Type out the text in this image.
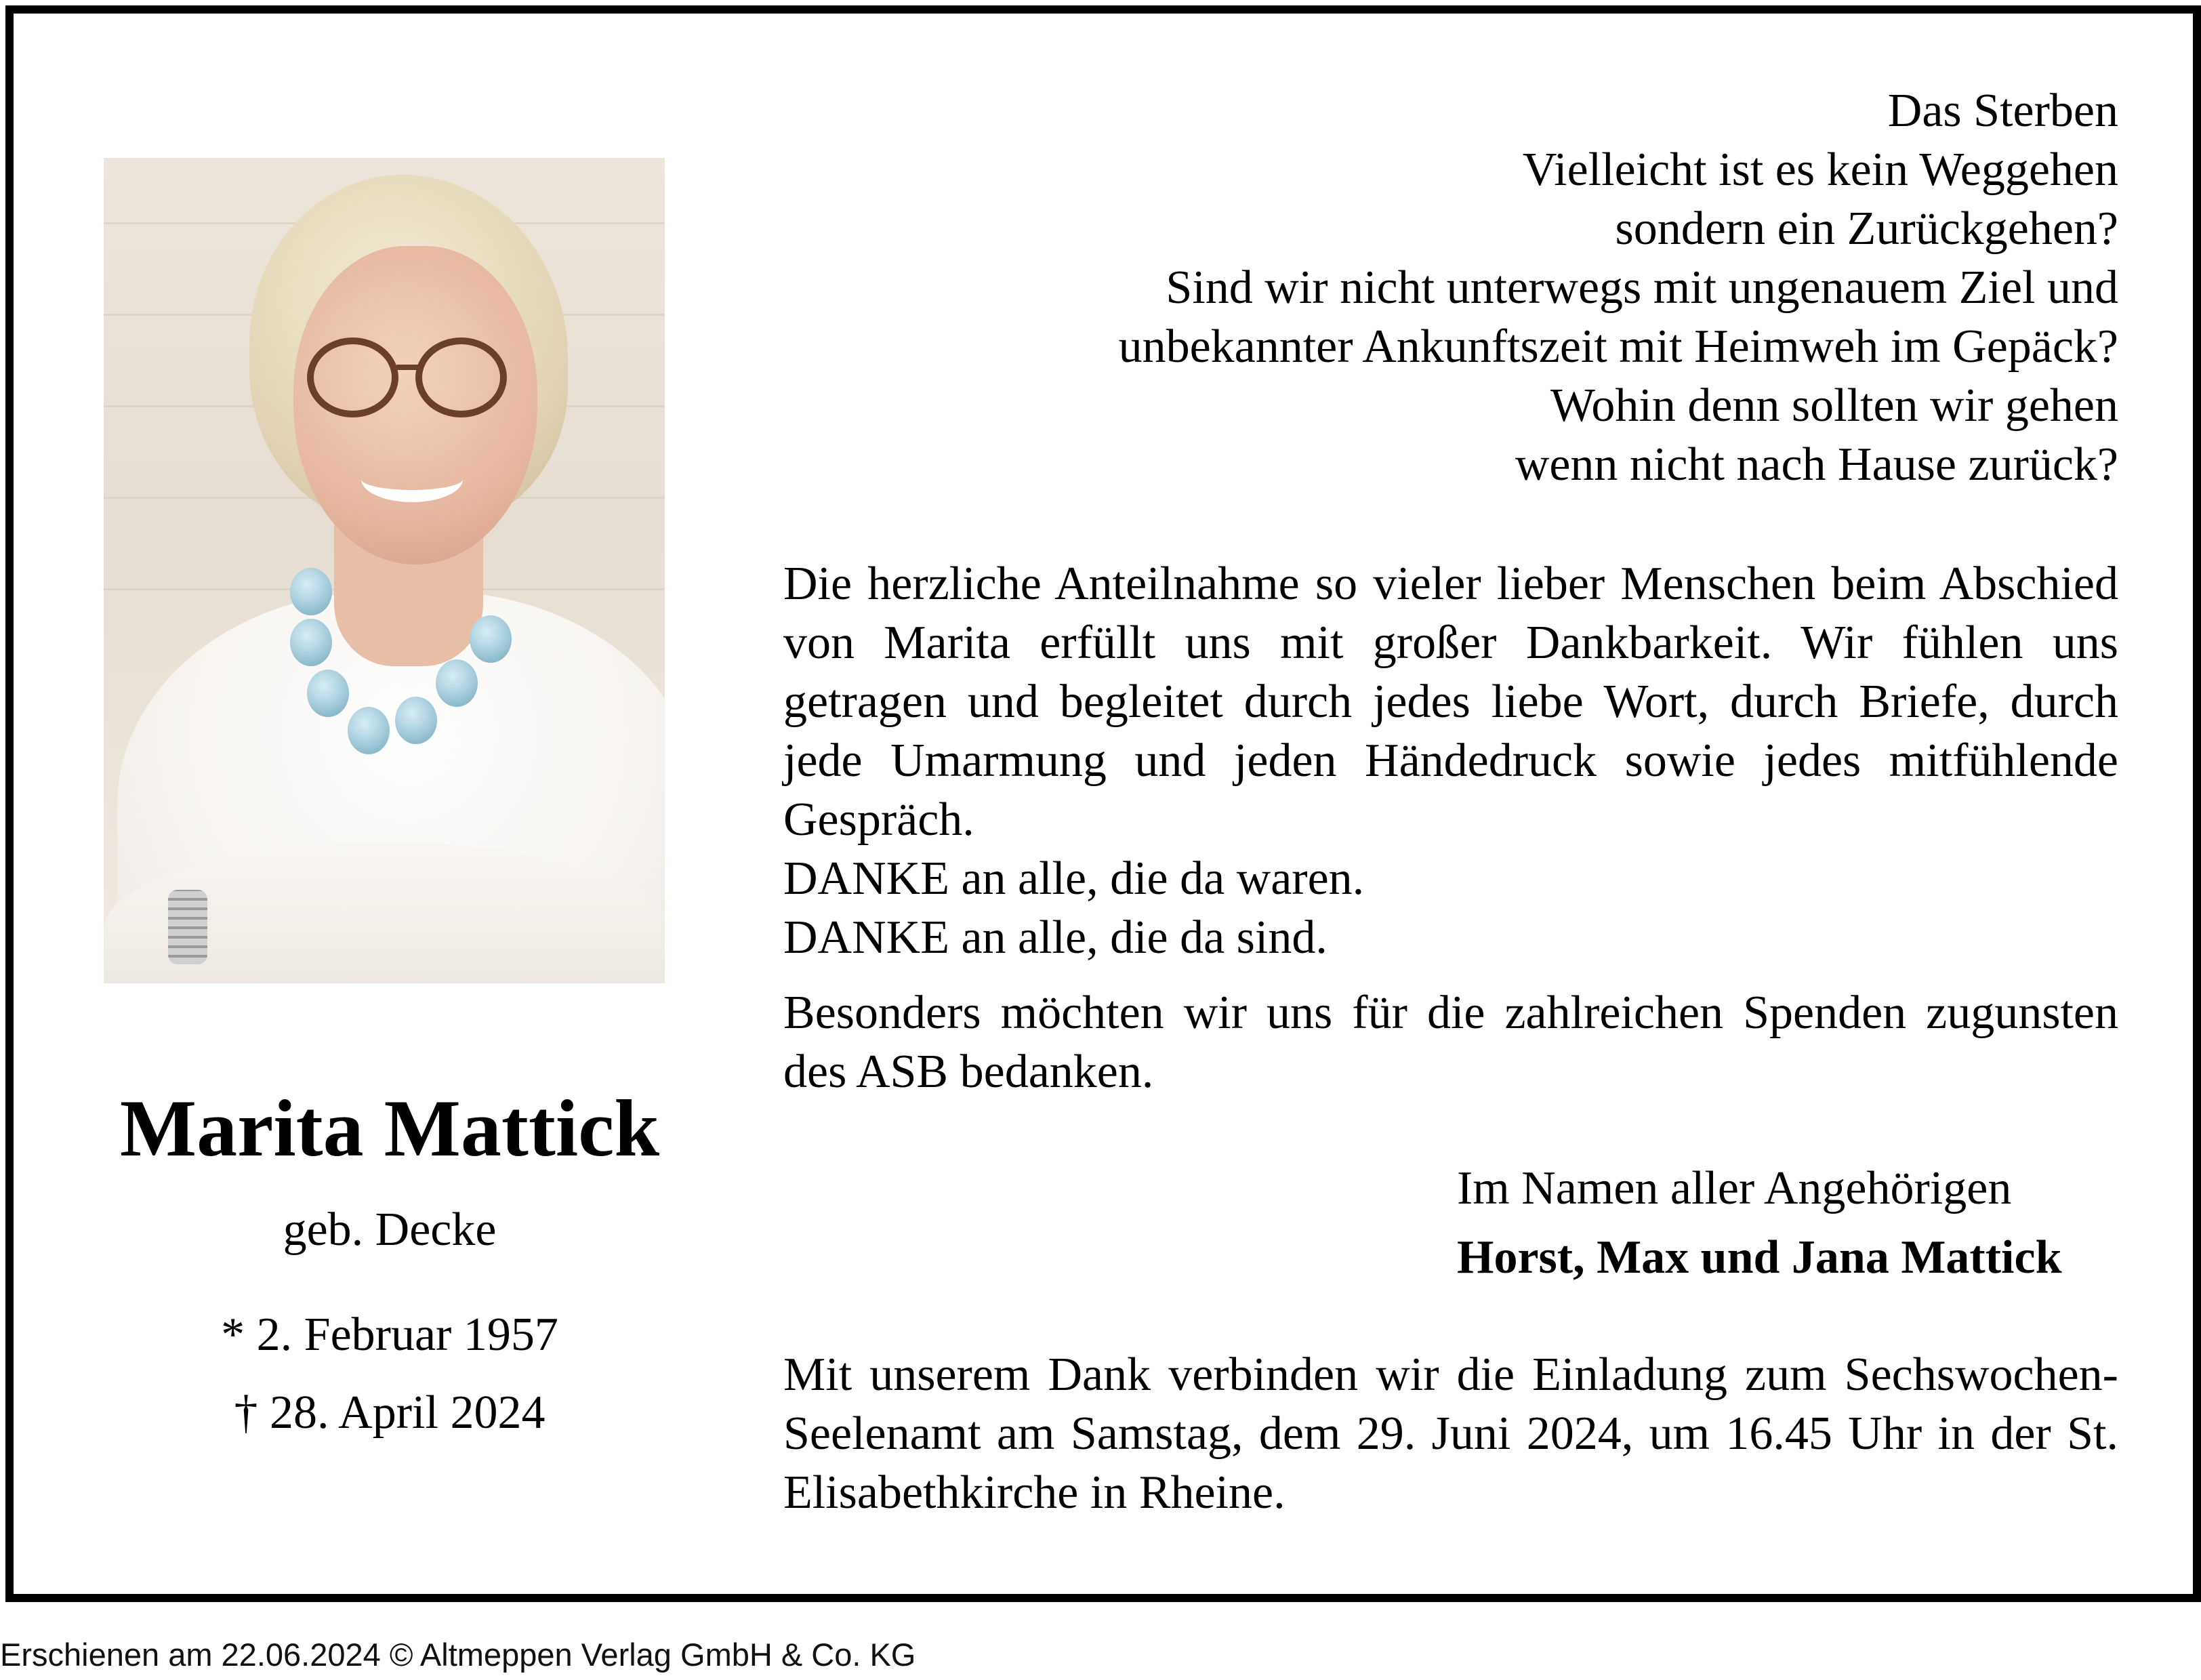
Marita Mattick
geb. Decke
* 2. Februar 1957
† 28. April 2024
Das Sterben
Vielleicht ist es kein Weggehen
sondern ein Zurückgehen?
Sind wir nicht unterwegs mit ungenauem Ziel und
unbekannter Ankunftszeit mit Heimweh im Gepäck?
Wohin denn sollten wir gehen
wenn nicht nach Hause zurück?
Die herzliche Anteilnahme so vieler lieber Menschen beim Abschied von Marita erfüllt uns mit großer Dankbarkeit. Wir fühlen uns getragen und begleitet durch jedes liebe Wort, durch Briefe, durch jede Umarmung und jeden Händedruck sowie jedes mitfühlende Gespräch.
DANKE an alle, die da waren.
DANKE an alle, die da sind.
Besonders möchten wir uns für die zahlreichen Spenden zugunsten des ASB bedanken.
Im Namen aller Angehörigen
Horst, Max und Jana Mattick
Mit unserem Dank verbinden wir die Einladung zum Sechswochen-Seelenamt am Samstag, dem 29. Juni 2024, um 16.45 Uhr in der St. Elisabethkirche in Rheine.
Erschienen am 22.06.2024 © Altmeppen Verlag GmbH & Co. KG
